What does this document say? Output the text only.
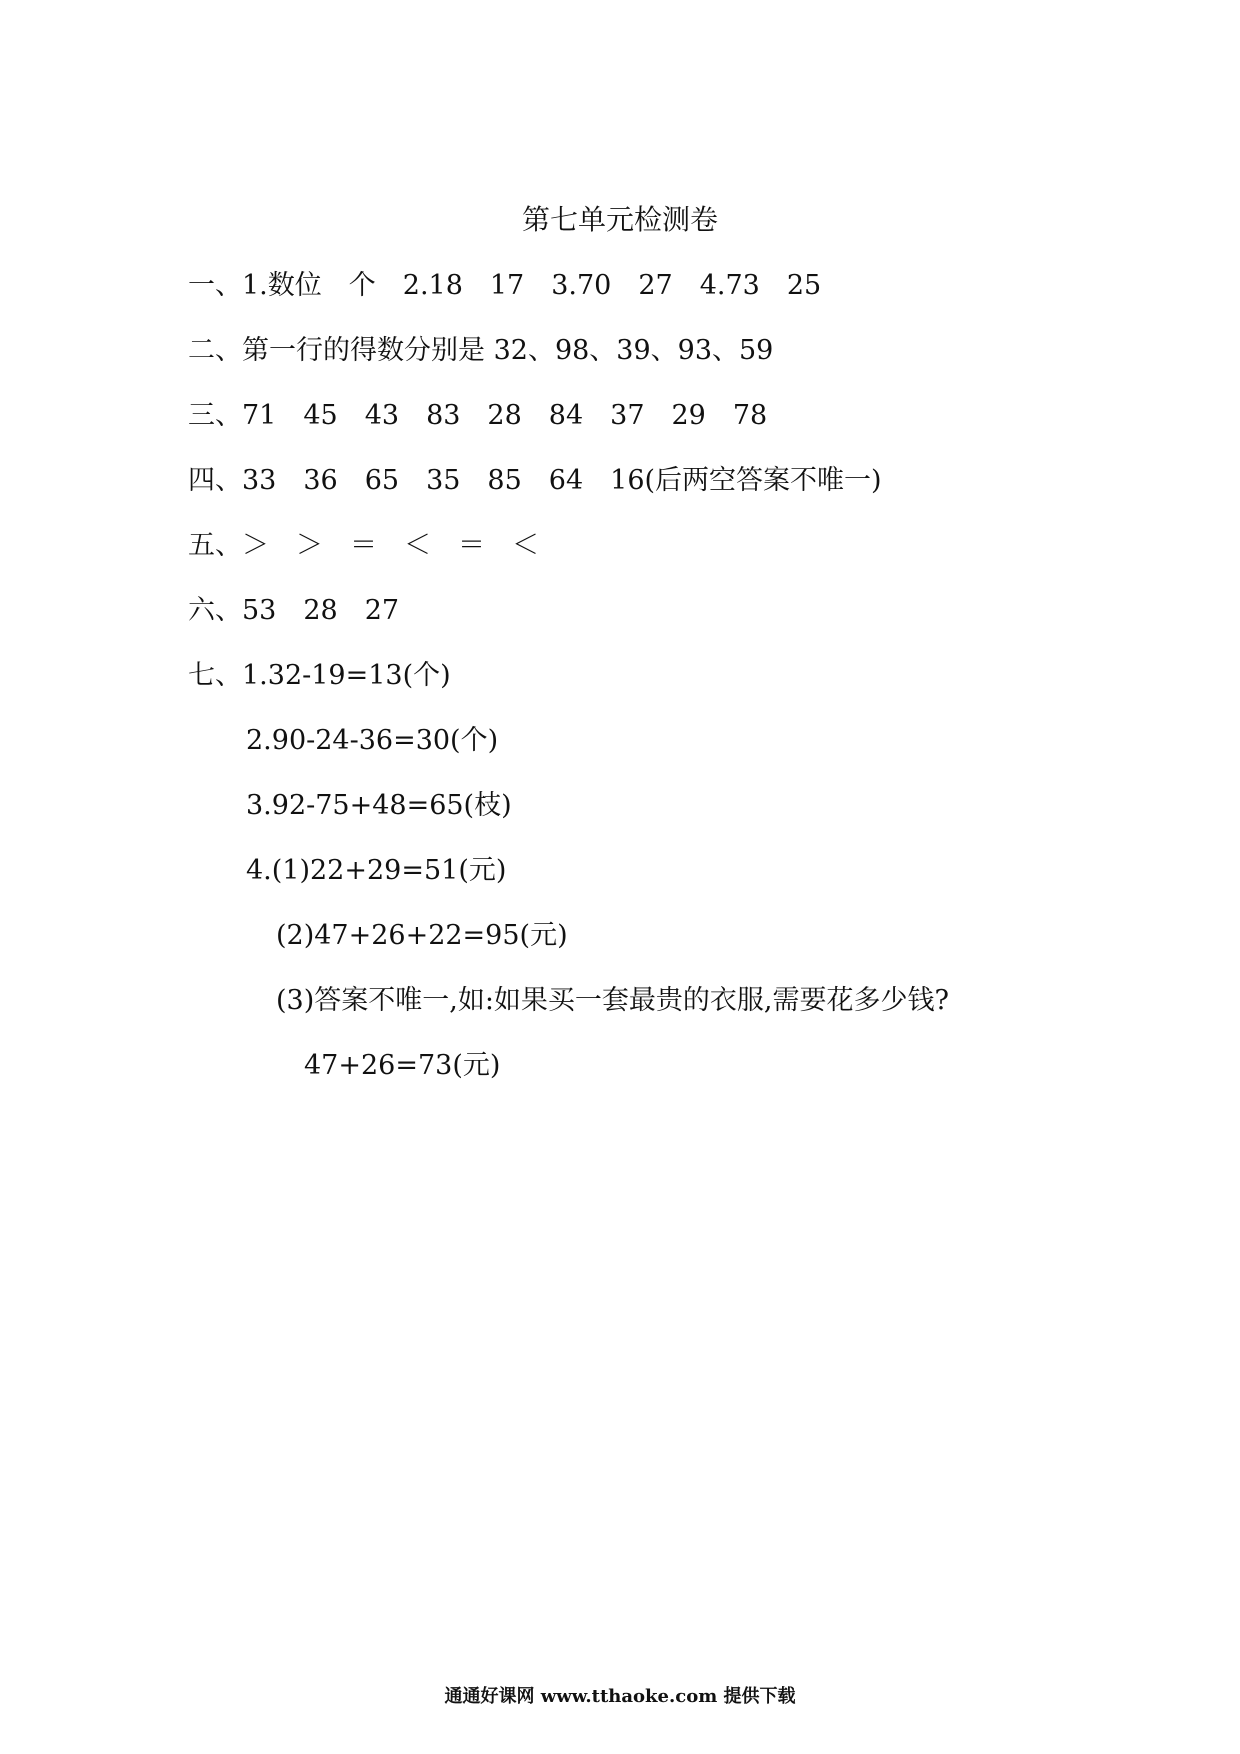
第七单元检测卷
一、1.数位　个　2.18　17　3.70　27　4.73　25
二、第一行的得数分别是 32、98、39、93、59
三、71　45　43　83　28　84　37　29　78
四、33　36　65　35　85　64　16(后两空答案不唯一)
五、＞　＞　＝　＜　＝　＜
六、53　28　27
七、1.32-19=13(个)
2.90-24-36=30(个)
3.92-75+48=65(枝)
4.(1)22+29=51(元)
(2)47+26+22=95(元)
(3)答案不唯一,如:如果买一套最贵的衣服,需要花多少钱?
47+26=73(元)
通通好课网 www.tthaoke.com 提供下载
